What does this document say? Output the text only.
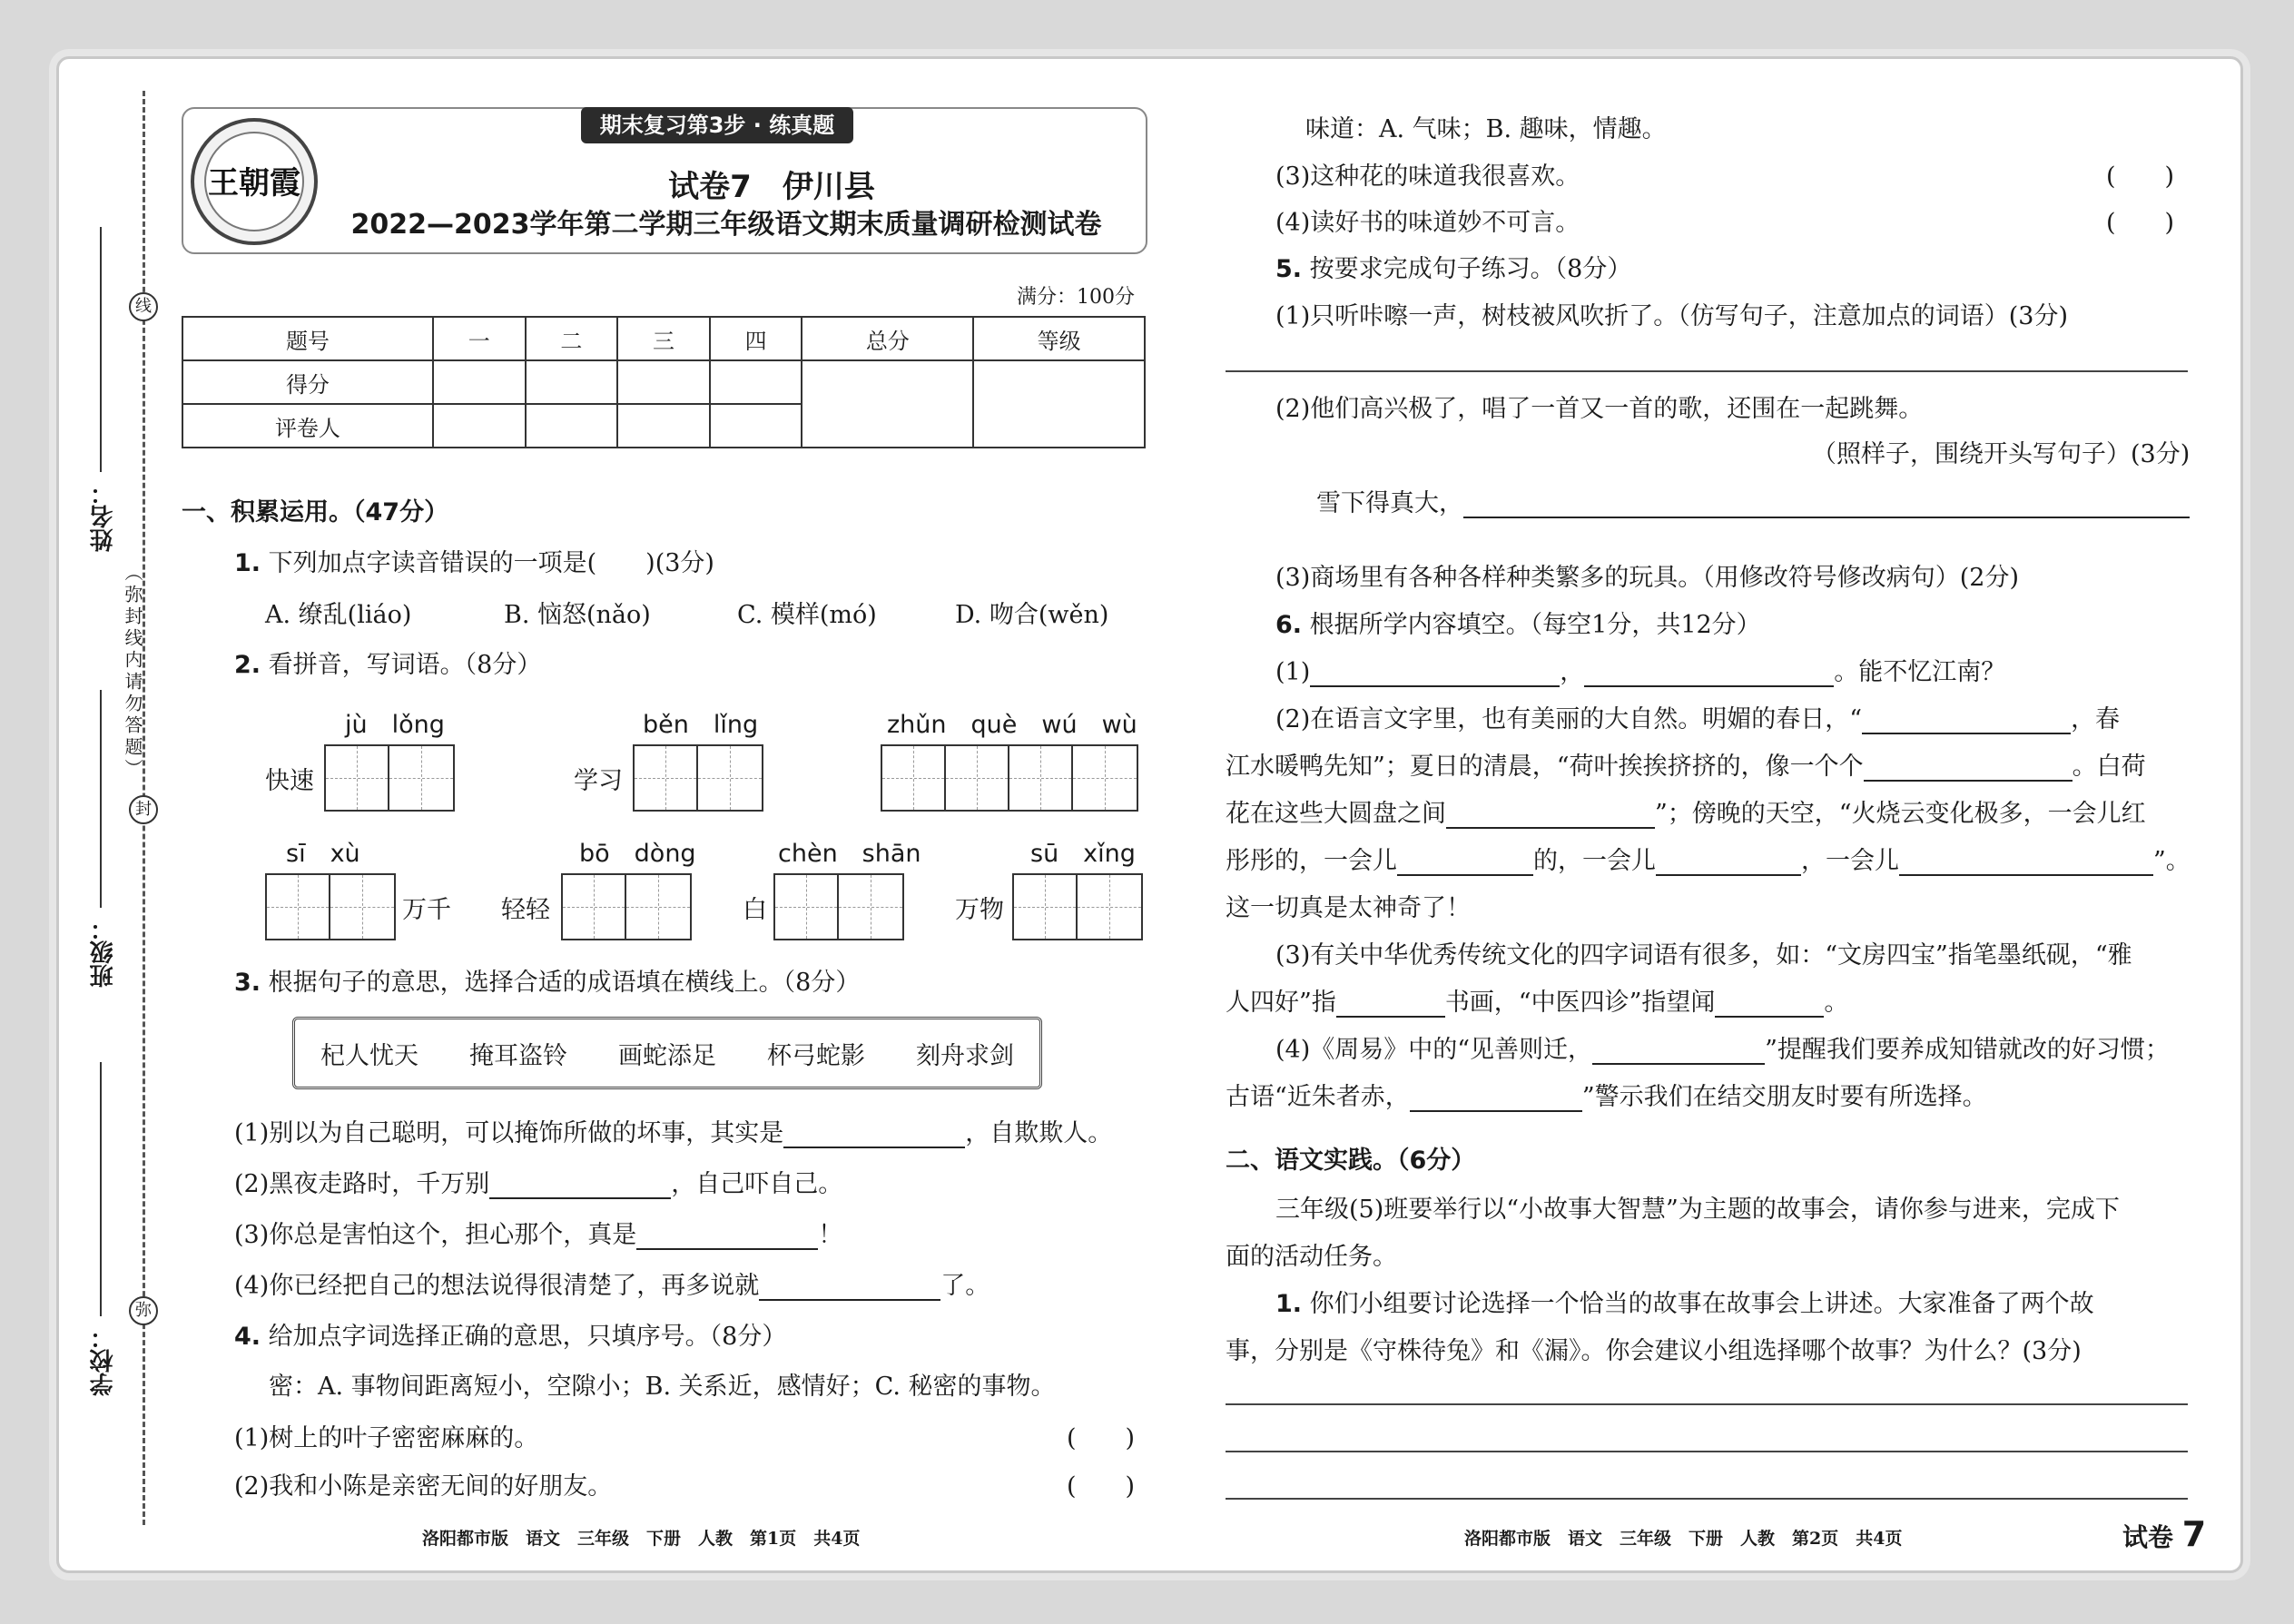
线
封
弥
（弥封线内请勿答题）
姓名：
班级：
学校：
王朝霞
期末复习第3步 · 练真题
试卷7　伊川县
2022—2023学年第二学期三年级语文期末质量调研检测试卷
满分：100分
题号	一	二	三	四	总分	等级
得分						
评卷人						
一、积累运用。（47分）
1. 下列加点字读音错误的一项是(　　)(3分)
A. 缭乱(liáo)	B. 恼怒(nǎo)	C. 模样(mó)	D. 吻合(wěn)
2. 看拼音，写词语。（8分）
jù　lǒng
快速
běn　lǐng
学习
zhǔn　què　wú　wù
sī　xù
万千
bō　dòng
轻轻
chèn　shān
白
sū　xǐng
万物
3. 根据句子的意思，选择合适的成语填在横线上。（8分）
杞人忧天 掩耳盗铃 画蛇添足 杯弓蛇影 刻舟求剑
(1)别以为自己聪明，可以掩饰所做的坏事，其实是	，自欺欺人。
(2)黑夜走路时，千万别	，自己吓自己。
(3)你总是害怕这个，担心那个，真是	！
(4)你已经把自己的想法说得很清楚了，再多说就	了。
4. 给加点字词选择正确的意思，只填序号。（8分）
密：A. 事物间距离短小，空隙小；B. 关系近，感情好；C. 秘密的事物。
(1)树上的叶子密密麻麻的。	(　　)
(2)我和小陈是亲密无间的好朋友。	(　　)
洛阳都市版　语文　三年级　下册　人教　第1页　共4页
味道：A. 气味；B. 趣味，情趣。
(3)这种花的味道我很喜欢。	(　　)
(4)读好书的味道妙不可言。	(　　)
5. 按要求完成句子练习。（8分）
(1)只听咔嚓一声，树枝被风吹折了。（仿写句子，注意加点的词语）(3分)
(2)他们高兴极了，唱了一首又一首的歌，还围在一起跳舞。
（照样子，围绕开头写句子）(3分)
雪下得真大，
(3)商场里有各种各样种类繁多的玩具。（用修改符号修改病句）(2分)
6. 根据所学内容填空。（每空1分，共12分）
(1)	，	。能不忆江南？
(2)在语言文字里，也有美丽的大自然。明媚的春日，“	，春
江水暖鸭先知”；夏日的清晨，“荷叶挨挨挤挤的，像一个个	。白荷
花在这些大圆盘之间	”；傍晚的天空，“火烧云变化极多，一会儿红
彤彤的，一会儿	的，一会儿	，一会儿	”。
这一切真是太神奇了！
(3)有关中华优秀传统文化的四字词语有很多，如：“文房四宝”指笔墨纸砚，“雅
人四好”指	书画，“中医四诊”指望闻	。
(4)《周易》中的“见善则迁，	”提醒我们要养成知错就改的好习惯；
古语“近朱者赤，	”警示我们在结交朋友时要有所选择。
二、语文实践。（6分）
三年级(5)班要举行以“小故事大智慧”为主题的故事会，请你参与进来，完成下
面的活动任务。
1. 你们小组要讨论选择一个恰当的故事在故事会上讲述。大家准备了两个故
事，分别是《守株待兔》和《漏》。你会建议小组选择哪个故事？为什么？(3分)
洛阳都市版　语文　三年级　下册　人教　第2页　共4页	试卷 7
